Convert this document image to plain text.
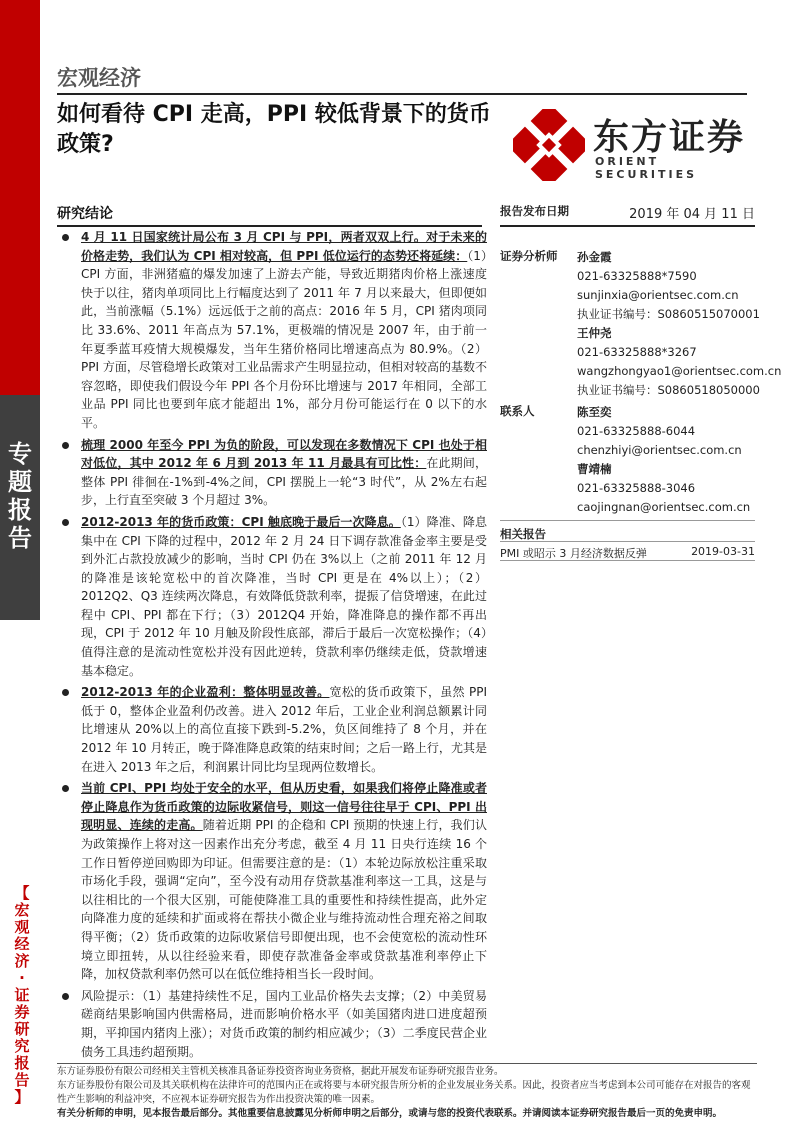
专
题
报
告
【
宏
观
经
济
·
证
券
研
究
报
告
】
宏观经济
如何看待 CPI 走高，PPI 较低背景下的货币政策?	东方证券
ORIENT SECURITIES
研究结论
4 月 11 日国家统计局公布 3 月 CPI 与 PPI，两者双双上行。对于未来的价格走势，我们认为 CPI 相对较高，但 PPI 低位运行的态势还将延续：（1）CPI 方面，非洲猪瘟的爆发加速了上游去产能，导致近期猪肉价格上涨速度快于以往，猪肉单项同比上行幅度达到了 2011 年 7 月以来最大，但即便如此，当前涨幅（5.1%）远远低于之前的高点：2016 年 5 月，CPI 猪肉项同比 33.6%、2011 年高点为 57.1%，更极端的情况是 2007 年，由于前一年夏季蓝耳疫情大规模爆发，当年生猪价格同比增速高点为 80.9%。（2）PPI 方面，尽管稳增长政策对工业品需求产生明显拉动，但相对较高的基数不容忽略，即使我们假设今年 PPI 各个月份环比增速与 2017 年相同，全部工业品 PPI 同比也要到年底才能超出 1%，部分月份可能运行在 0 以下的水平。
梳理 2000 年至今 PPI 为负的阶段，可以发现在多数情况下 CPI 也处于相对低位，其中 2012 年 6 月到 2013 年 11 月最具有可比性：在此期间，整体 PPI 徘徊在-1%到-4%之间，CPI 摆脱上一轮“3 时代”，从 2%左右起步，上行直至突破 3 个月超过 3%。
2012-2013 年的货币政策：CPI 触底晚于最后一次降息。（1）降准、降息集中在 CPI 下降的过程中，2012 年 2 月 24 日下调存款准备金率主要是受到外汇占款投放减少的影响，当时 CPI 仍在 3%以上（之前 2011 年 12 月的降准是该轮宽松中的首次降准，当时 CPI 更是在 4%以上）；（2）2012Q2、Q3 连续两次降息，有效降低贷款利率，提振了信贷增速，在此过程中 CPI、PPI 都在下行；（3）2012Q4 开始，降准降息的操作都不再出现，CPI 于 2012 年 10 月触及阶段性底部，滞后于最后一次宽松操作；（4）值得注意的是流动性宽松并没有因此逆转，贷款利率仍继续走低，贷款增速基本稳定。
2012-2013 年的企业盈利：整体明显改善。宽松的货币政策下，虽然 PPI 低于 0，整体企业盈利仍改善。进入 2012 年后，工业企业利润总额累计同比增速从 20%以上的高位直接下跌到-5.2%，负区间维持了 8 个月，并在 2012 年 10 月转正，晚于降准降息政策的结束时间；之后一路上行，尤其是在进入 2013 年之后，利润累计同比均呈现两位数增长。
当前 CPI、PPI 均处于安全的水平，但从历史看，如果我们将停止降准或者停止降息作为货币政策的边际收紧信号，则这一信号往往早于 CPI、PPI 出现明显、连续的走高。随着近期 PPI 的企稳和 CPI 预期的快速上行，我们认为政策操作上将对这一因素作出充分考虑，截至 4 月 11 日央行连续 16 个工作日暂停逆回购即为印证。但需要注意的是：（1）本轮边际放松注重采取市场化手段，强调“定向”，至今没有动用存贷款基准利率这一工具，这是与以往相比的一个很大区别，可能使降准工具的重要性和持续性提高，此外定向降准力度的延续和扩面或将在帮扶小微企业与维持流动性合理充裕之间取得平衡；（2）货币政策的边际收紧信号即便出现，也不会使宽松的流动性环境立即扭转，从以往经验来看，即使存款准备金率或贷款基准利率停止下降，加权贷款利率仍然可以在低位维持相当长一段时间。
风险提示：（1）基建持续性不足，国内工业品价格失去支撑；（2）中美贸易磋商结果影响国内供需格局，进而影响价格水平（如美国猪肉进口进度超预期，平抑国内猪肉上涨）；对货币政策的制约相应减少；（3）二季度民营企业债务工具违约超预期。
报告发布日期	2019 年 04 月 11 日
证券分析师 孙金霞
021-63325888*7590
sunjinxia@orientsec.com.cn
执业证书编号：S0860515070001
王仲尧
021-63325888*3267
wangzhongyao1@orientsec.com.cn
执业证书编号：S0860518050000
联系人	陈至奕
021-63325888-6044
chenzhiyi@orientsec.com.cn
曹靖楠
021-63325888-3046
caojingnan@orientsec.com.cn
相关报告
PMI 或昭示 3 月经济数据反弹	2019-03-31
东方证券股份有限公司经相关主管机关核准具备证券投资咨询业务资格，据此开展发布证券研究报告业务。
东方证券股份有限公司及其关联机构在法律许可的范围内正在或将要与本研究报告所分析的企业发展业务关系。因此，投资者应当考虑到本公司可能存在对报告的客观性产生影响的利益冲突，不应视本证券研究报告为作出投资决策的唯一因素。
有关分析师的申明，见本报告最后部分。其他重要信息披露见分析师申明之后部分，或请与您的投资代表联系。并请阅读本证券研究报告最后一页的免责申明。
